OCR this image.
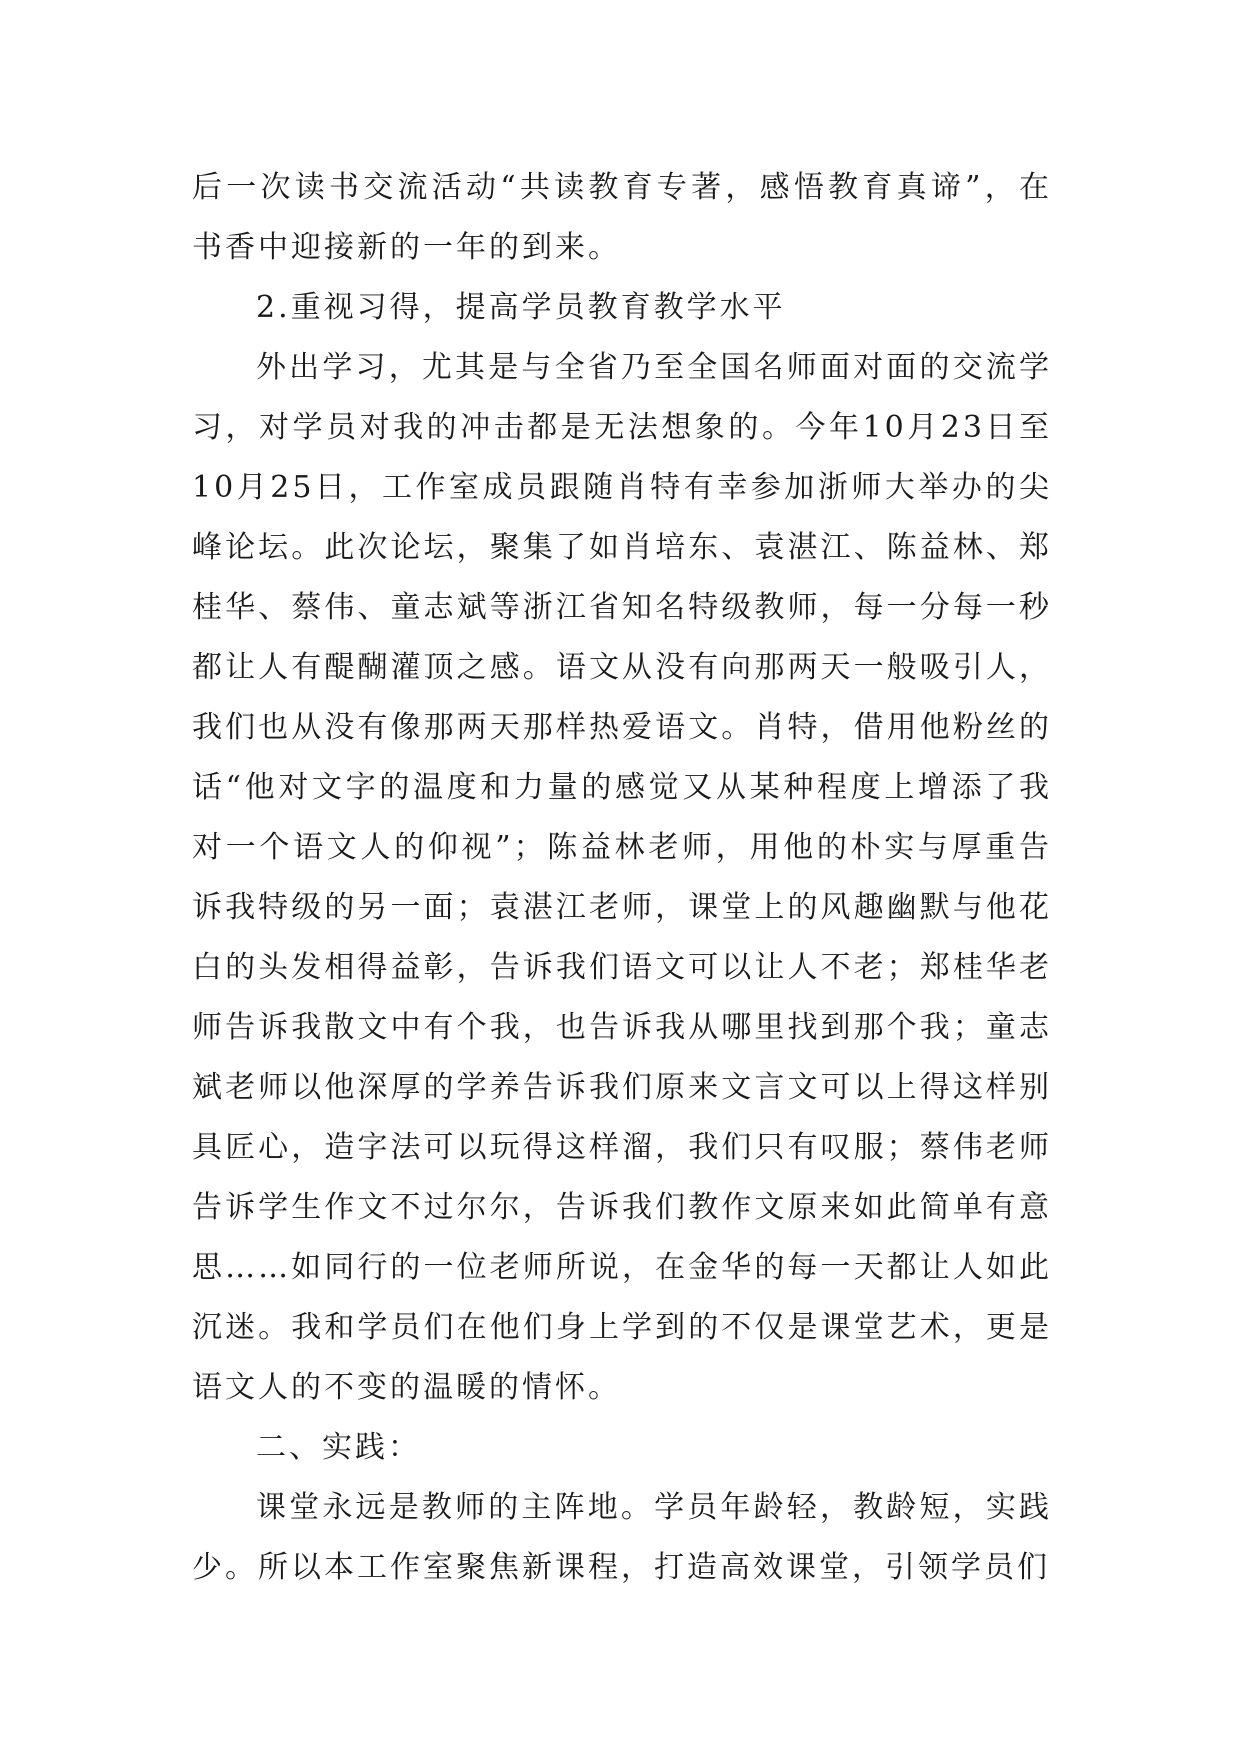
后一次读书交流活动“共读教育专著，感悟教育真谛”，在书香中迎接新的一年的到来。

2.重视习得，提高学员教育教学水平

外出学习，尤其是与全省乃至全国名师面对面的交流学习，对学员对我的冲击都是无法想象的。今年10月23日至10月25日，工作室成员跟随肖特有幸参加浙师大举办的尖峰论坛。此次论坛，聚集了如肖培东、袁湛江、陈益林、郑桂华、蔡伟、童志斌等浙江省知名特级教师，每一分每一秒都让人有醍醐灌顶之感。语文从没有向那两天一般吸引人，我们也从没有像那两天那样热爱语文。肖特，借用他粉丝的话“他对文字的温度和力量的感觉又从某种程度上增添了我对一个语文人的仰视”；陈益林老师，用他的朴实与厚重告诉我特级的另一面；袁湛江老师，课堂上的风趣幽默与他花白的头发相得益彰，告诉我们语文可以让人不老；郑桂华老师告诉我散文中有个我，也告诉我从哪里找到那个我；童志斌老师以他深厚的学养告诉我们原来文言文可以上得这样别具匠心，造字法可以玩得这样溜，我们只有叹服；蔡伟老师告诉学生作文不过尔尔，告诉我们教作文原来如此简单有意思……如同行的一位老师所说，在金华的每一天都让人如此沉迷。我和学员们在他们身上学到的不仅是课堂艺术，更是语文人的不变的温暖的情怀。

二、实践：

课堂永远是教师的主阵地。学员年龄轻，教龄短，实践少。所以本工作室聚焦新课程，打造高效课堂，引领学员们
